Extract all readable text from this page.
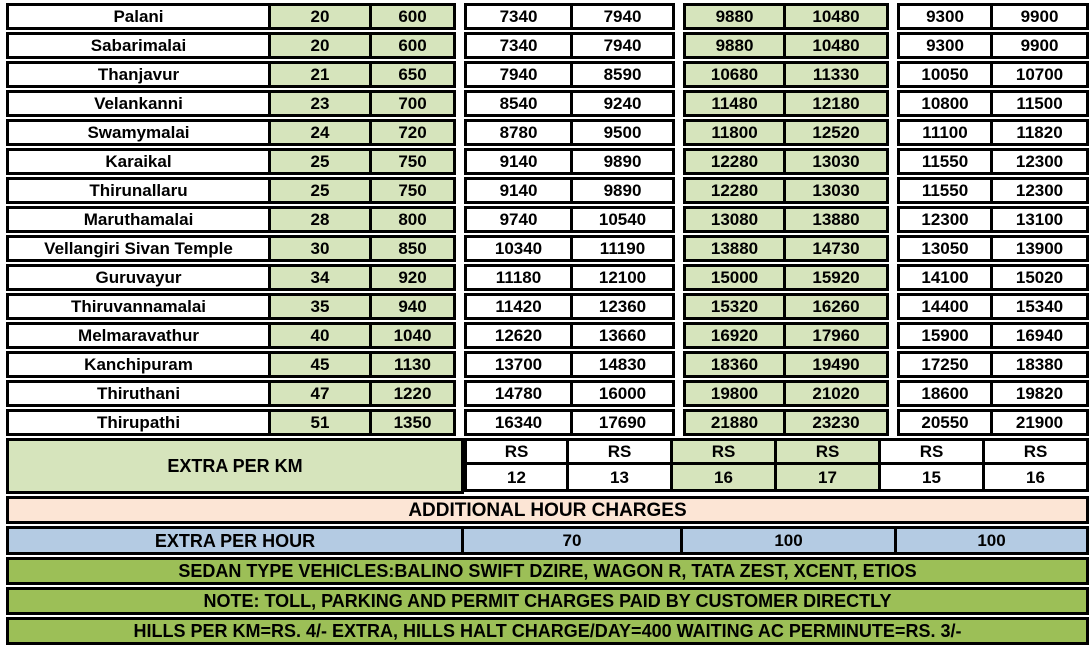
Palani	20	600	7340	7940	9880	10480	9300	9900
Sabarimalai	20	600	7340	7940	9880	10480	9300	9900
Thanjavur	21	650	7940	8590	10680	11330	10050	10700
Velankanni	23	700	8540	9240	11480	12180	10800	11500
Swamymalai	24	720	8780	9500	11800	12520	11100	11820
Karaikal	25	750	9140	9890	12280	13030	11550	12300
Thirunallaru	25	750	9140	9890	12280	13030	11550	12300
Maruthamalai	28	800	9740	10540	13080	13880	12300	13100
Vellangiri Sivan Temple	30	850	10340	11190	13880	14730	13050	13900
Guruvayur	34	920	11180	12100	15000	15920	14100	15020
Thiruvannamalai	35	940	11420	12360	15320	16260	14400	15340
Melmaravathur	40	1040	12620	13660	16920	17960	15900	16940
Kanchipuram	45	1130	13700	14830	18360	19490	17250	18380
Thiruthani	47	1220	14780	16000	19800	21020	18600	19820
Thirupathi	51	1350	16340	17690	21880	23230	20550	21900
EXTRA PER KM
RS	RS	RS	RS	RS	RS
12	13	16	17	15	16
ADDITIONAL HOUR CHARGES
EXTRA PER HOUR	70	100	100
SEDAN TYPE VEHICLES:BALINO SWIFT DZIRE, WAGON R, TATA ZEST, XCENT, ETIOS
NOTE: TOLL, PARKING AND PERMIT CHARGES PAID BY CUSTOMER DIRECTLY
HILLS PER KM=RS. 4/- EXTRA, HILLS HALT CHARGE/DAY=400 WAITING AC PERMINUTE=RS. 3/-
